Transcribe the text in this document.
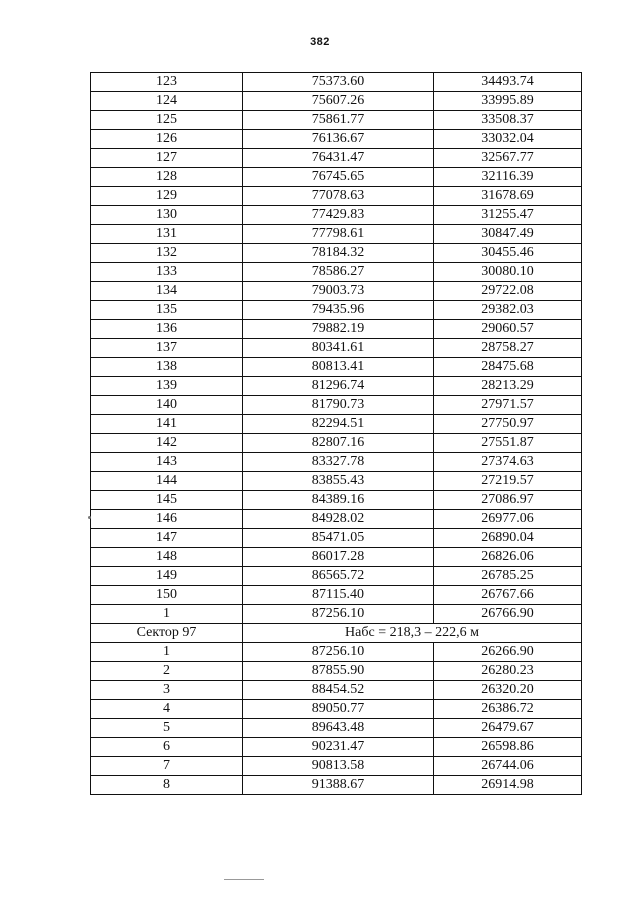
382
123	75373.60	34493.74
124	75607.26	33995.89
125	75861.77	33508.37
126	76136.67	33032.04
127	76431.47	32567.77
128	76745.65	32116.39
129	77078.63	31678.69
130	77429.83	31255.47
131	77798.61	30847.49
132	78184.32	30455.46
133	78586.27	30080.10
134	79003.73	29722.08
135	79435.96	29382.03
136	79882.19	29060.57
137	80341.61	28758.27
138	80813.41	28475.68
139	81296.74	28213.29
140	81790.73	27971.57
141	82294.51	27750.97
142	82807.16	27551.87
143	83327.78	27374.63
144	83855.43	27219.57
145	84389.16	27086.97
146	84928.02	26977.06
147	85471.05	26890.04
148	86017.28	26826.06
149	86565.72	26785.25
150	87115.40	26767.66
1	87256.10	26766.90
Сектор 97	Набс = 218,3 – 222,6 м	
1	87256.10	26266.90
2	87855.90	26280.23
3	88454.52	26320.20
4	89050.77	26386.72
5	89643.48	26479.67
6	90231.47	26598.86
7	90813.58	26744.06
8	91388.67	26914.98
